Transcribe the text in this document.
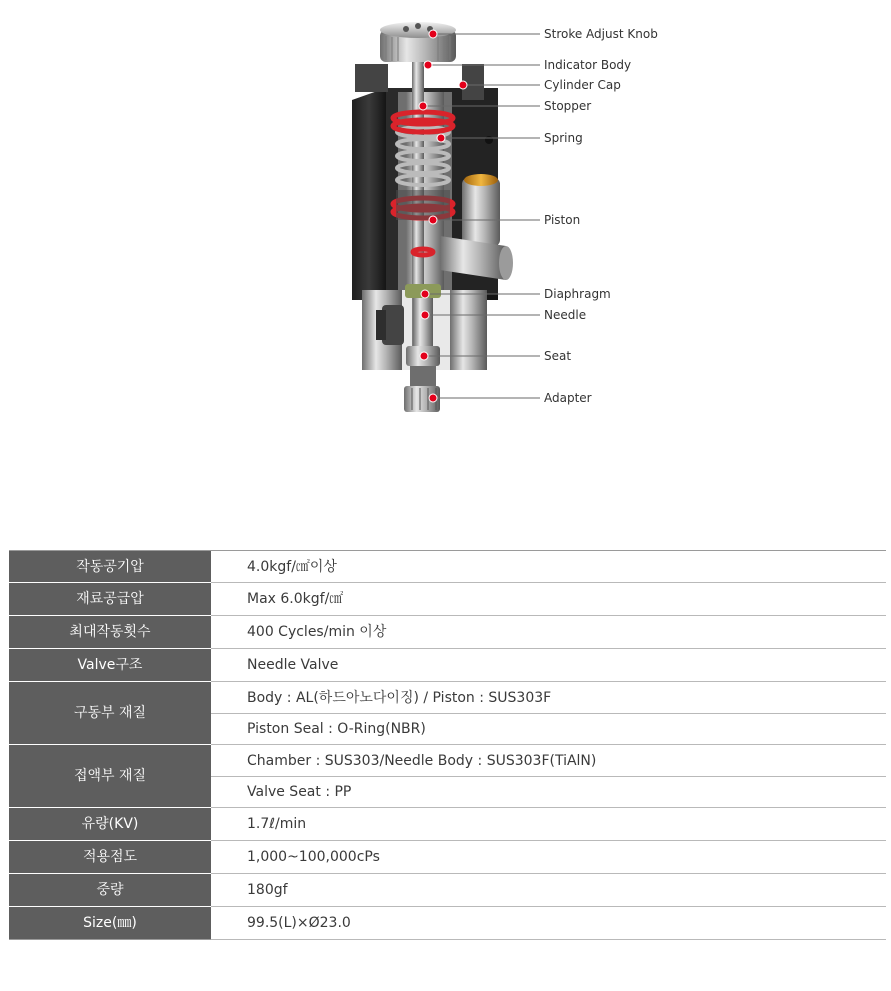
Stroke Adjust Knob
Indicator Body
Cylinder Cap
Stopper
Spring
Piston
Diaphragm
Needle
Seat
Adapter
작동공기압	4.0kgf/㎠이상
재료공급압	Max 6.0kgf/㎠
최대작동횟수	400 Cycles/min 이상
Valve구조	Needle Valve
구동부 재질	Body : AL(하드아노다이징) / Piston : SUS303F
	Piston Seal : O-Ring(NBR)
접액부 재질	Chamber : SUS303/Needle Body : SUS303F(TiAlN)
	Valve Seat : PP
유량(KV)	1.7ℓ/min
적용점도	1,000~100,000cPs
중량	180gf
Size(㎜)	99.5(L)×Ø23.0
